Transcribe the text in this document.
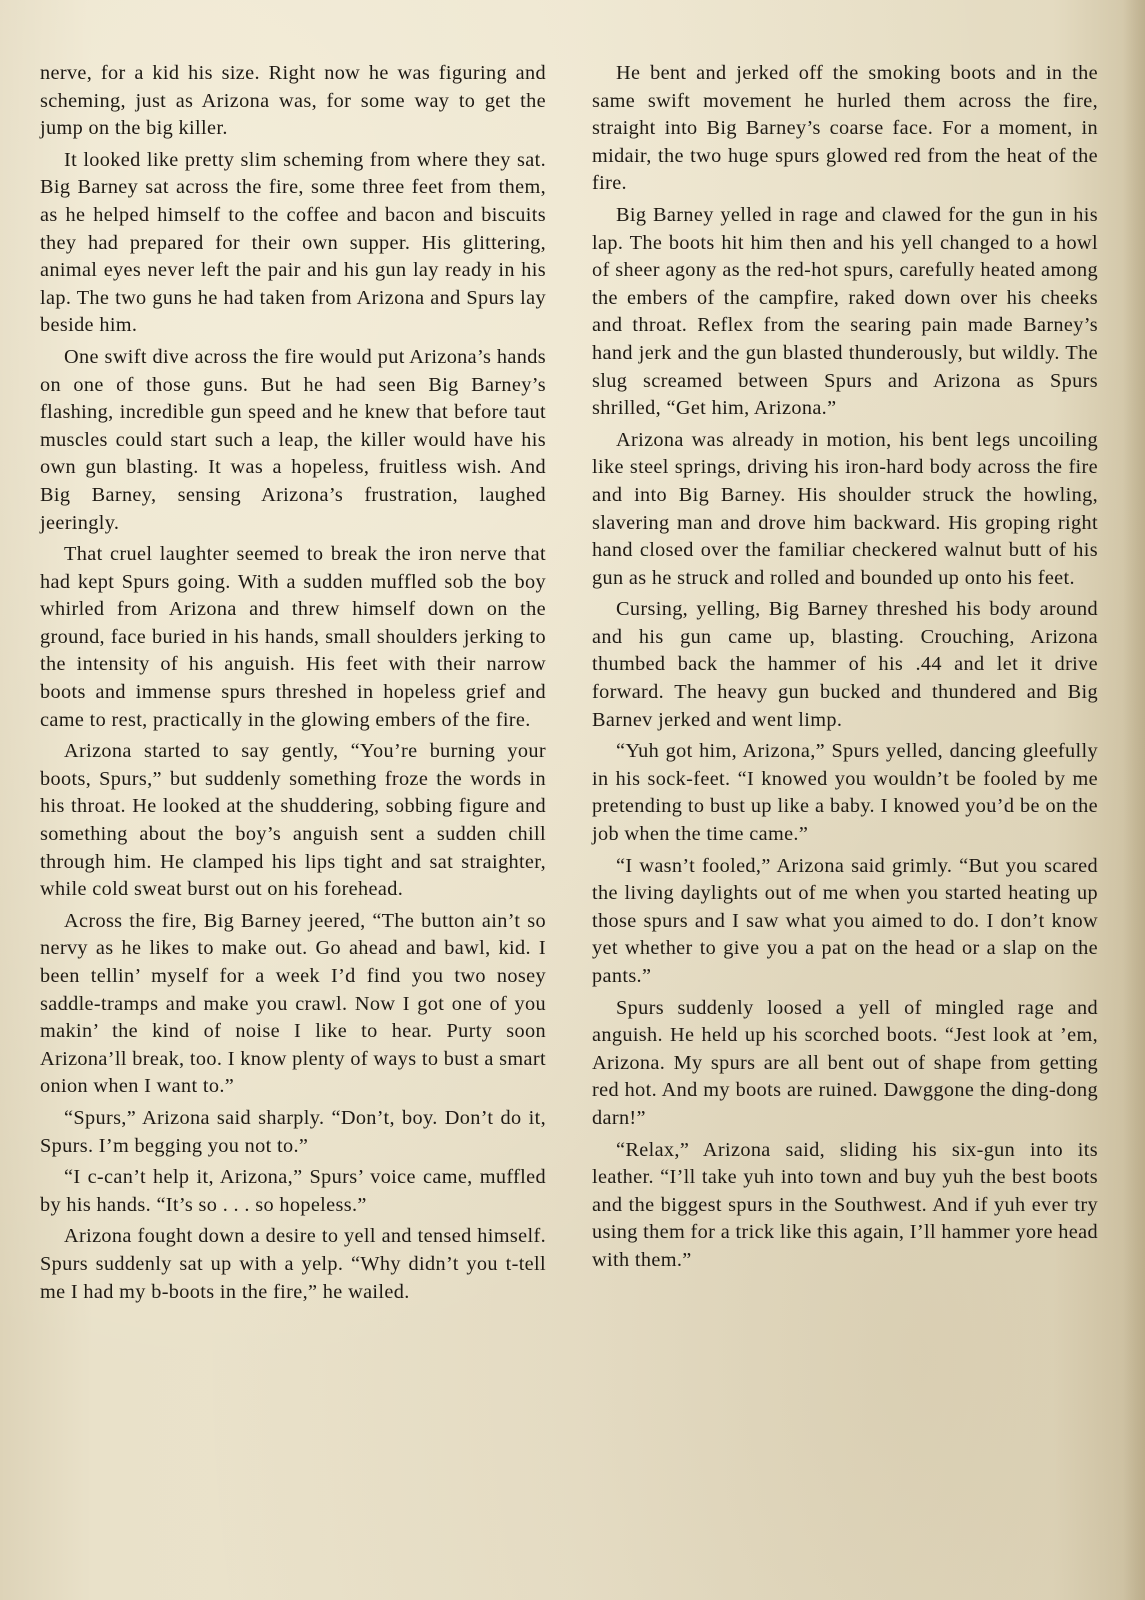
nerve, for a kid his size. Right now he was figuring and scheming, just as Arizona was, for some way to get the jump on the big killer.

It looked like pretty slim scheming from where they sat. Big Barney sat across the fire, some three feet from them, as he helped himself to the coffee and bacon and biscuits they had prepared for their own supper. His glittering, animal eyes never left the pair and his gun lay ready in his lap. The two guns he had taken from Arizona and Spurs lay beside him.

One swift dive across the fire would put Arizona’s hands on one of those guns. But he had seen Big Barney’s flashing, incredible gun speed and he knew that before taut muscles could start such a leap, the killer would have his own gun blasting. It was a hopeless, fruitless wish. And Big Barney, sensing Arizona’s frustration, laughed jeeringly.

That cruel laughter seemed to break the iron nerve that had kept Spurs going. With a sudden muffled sob the boy whirled from Arizona and threw himself down on the ground, face buried in his hands, small shoulders jerking to the intensity of his anguish. His feet with their narrow boots and immense spurs threshed in hopeless grief and came to rest, practically in the glowing embers of the fire.

Arizona started to say gently, “You’re burning your boots, Spurs,” but suddenly something froze the words in his throat. He looked at the shuddering, sobbing figure and something about the boy’s anguish sent a sudden chill through him. He clamped his lips tight and sat straighter, while cold sweat burst out on his forehead.

Across the fire, Big Barney jeered, “The button ain’t so nervy as he likes to make out. Go ahead and bawl, kid. I been tellin’ myself for a week I’d find you two nosey saddle-tramps and make you crawl. Now I got one of you makin’ the kind of noise I like to hear. Purty soon Arizona’ll break, too. I know plenty of ways to bust a smart onion when I want to.”

“Spurs,” Arizona said sharply. “Don’t, boy. Don’t do it, Spurs. I’m begging you not to.”

“I c-can’t help it, Arizona,” Spurs’ voice came, muffled by his hands. “It’s so . . . so hopeless.”

Arizona fought down a desire to yell and tensed himself. Spurs suddenly sat up with a yelp. “Why didn’t you t-tell me I had my b-boots in the fire,” he wailed.

He bent and jerked off the smoking boots and in the same swift movement he hurled them across the fire, straight into Big Barney’s coarse face. For a moment, in midair, the two huge spurs glowed red from the heat of the fire.

Big Barney yelled in rage and clawed for the gun in his lap. The boots hit him then and his yell changed to a howl of sheer agony as the red-hot spurs, carefully heated among the embers of the campfire, raked down over his cheeks and throat. Reflex from the searing pain made Barney’s hand jerk and the gun blasted thunderously, but wildly. The slug screamed between Spurs and Arizona as Spurs shrilled, “Get him, Arizona.”

Arizona was already in motion, his bent legs uncoiling like steel springs, driving his iron-hard body across the fire and into Big Barney. His shoulder struck the howling, slavering man and drove him backward. His groping right hand closed over the familiar checkered walnut butt of his gun as he struck and rolled and bounded up onto his feet.

Cursing, yelling, Big Barney threshed his body around and his gun came up, blasting. Crouching, Arizona thumbed back the hammer of his .44 and let it drive forward. The heavy gun bucked and thundered and Big Barnev jerked and went limp.

“Yuh got him, Arizona,” Spurs yelled, dancing gleefully in his sock-feet. “I knowed you wouldn’t be fooled by me pretending to bust up like a baby. I knowed you’d be on the job when the time came.”

“I wasn’t fooled,” Arizona said grimly. “But you scared the living daylights out of me when you started heating up those spurs and I saw what you aimed to do. I don’t know yet whether to give you a pat on the head or a slap on the pants.”

Spurs suddenly loosed a yell of mingled rage and anguish. He held up his scorched boots. “Jest look at ’em, Arizona. My spurs are all bent out of shape from getting red hot. And my boots are ruined. Dawggone the ding-dong darn!”

“Relax,” Arizona said, sliding his six-gun into its leather. “I’ll take yuh into town and buy yuh the best boots and the biggest spurs in the Southwest. And if yuh ever try using them for a trick like this again, I’ll hammer yore head with them.”
